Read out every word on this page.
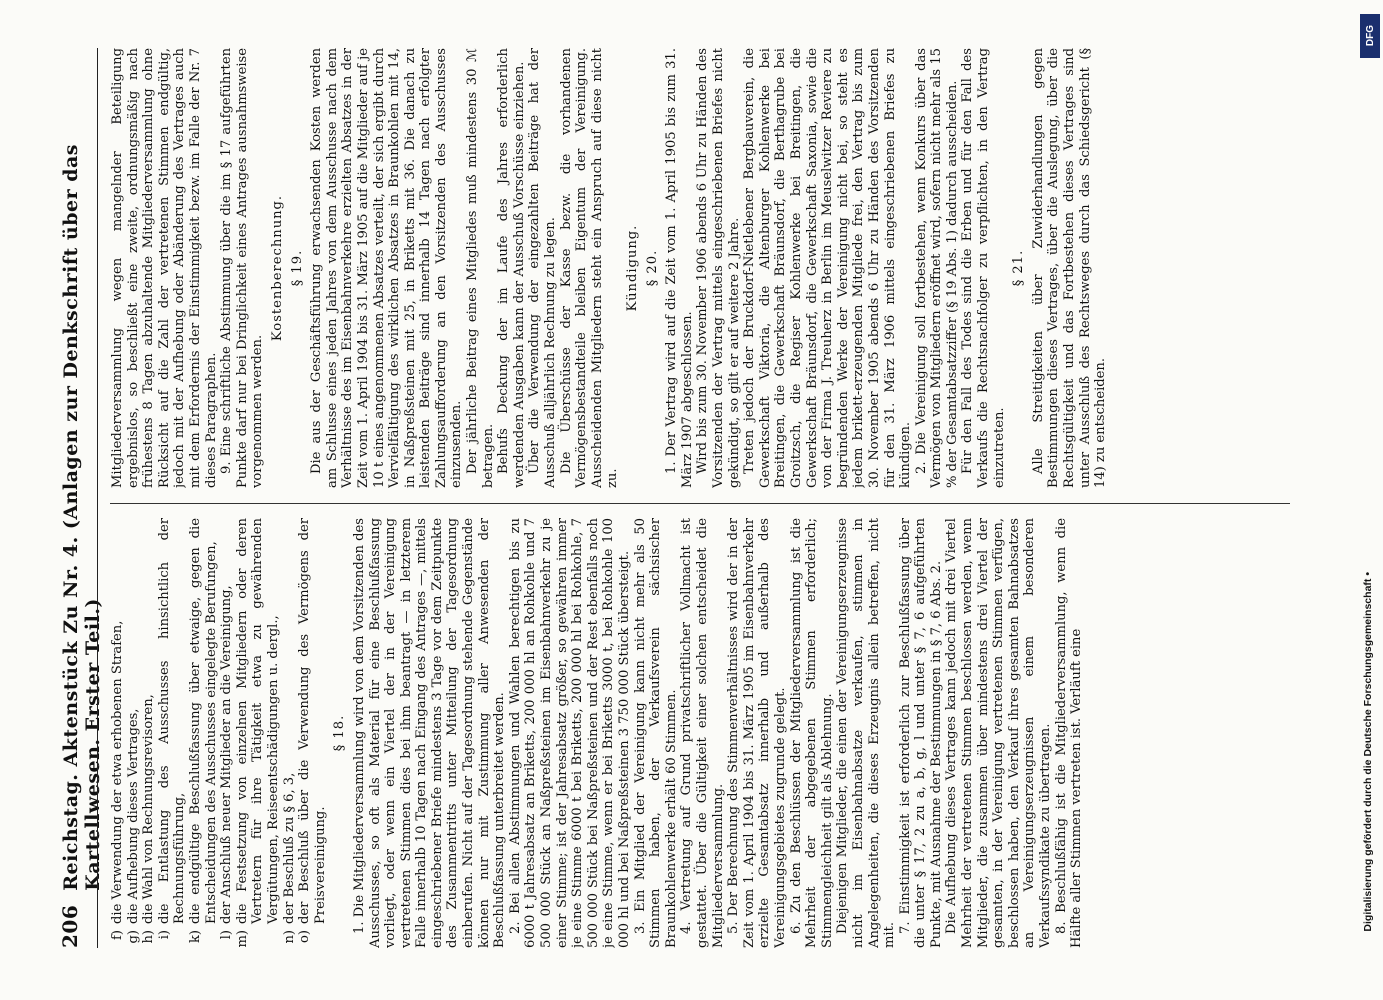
206
Reichstag. Aktenstück Zu Nr. 4. (Anlagen zur Denkschrift über das Kartellwesen. Erster Teil.)
f)
die Verwendung der etwa erhobenen Strafen,
g)
die Aufhebung dieses Vertrages,
h)
die Wahl von Rechnungsrevisoren,
i)
die Entlastung des Ausschusses hinsichtlich der Rechnungsführung,
k)
die endgültige Beschlußfassung über etwaige, gegen die Entscheidungen des Ausschusses eingelegte Berufungen,
l)
der Anschluß neuer Mitglieder an die Vereinigung,
m)
die Festsetzung von einzelnen Mitgliedern oder deren Vertretern für ihre Tätigkeit etwa zu gewährenden Vergütungen, Reiseentschädigungen u. dergl.,
n)
der Beschluß zu § 6, 3,
o)
der Beschluß über die Verwendung des Vermögens der Preisvereinigung.
§ 18. 1. Die Mitgliederversammlung wird von dem Vorsitzenden des Ausschusses, so oft als Material für eine Beschlußfassung vorliegt, oder wenn ein Viertel der in der Vereinigung vertretenen Stimmen dies bei ihm beantragt — in letzterem Falle innerhalb 10 Tagen nach Eingang des Antrages —, mittels eingeschriebener Briefe mindestens 3 Tage vor dem Zeitpunkte des Zusammentritts unter Mitteilung der Tagesordnung einberufen. Nicht auf der Tagesordnung stehende Gegenstände können nur mit Zustimmung aller Anwesenden der Beschlußfassung unterbreitet werden. 2. Bei allen Abstimmungen und Wahlen berechtigen bis zu 6000 t Jahresabsatz an Briketts, 200 000 hl an Rohkohle und 7 500 000 Stück an Naßpreßsteinen im Eisenbahnverkehr zu je einer Stimme; ist der Jahresabsatz größer, so gewähren immer je eine Stimme 6000 t bei Briketts, 200 000 hl bei Rohkohle, 7 500 000 Stück bei Naßpreßsteinen und der Rest ebenfalls noch je eine Stimme, wenn er bei Briketts 3000 t, bei Rohkohle 100 000 hl und bei Naßpreßsteinen 3 750 000 Stück übersteigt. 3. Ein Mitglied der Vereinigung kann nicht mehr als 50 Stimmen haben, der Verkaufsverein sächsischer Braunkohlenwerke erhält 60 Stimmen. 4. Vertretung auf Grund privatschriftlicher Vollmacht ist gestattet. Über die Gültigkeit einer solchen entscheidet die Mitgliederversammlung. 5. Der Berechnung des Stimmenverhältnisses wird der in der Zeit vom 1. April 1904 bis 31. März 1905 im Eisenbahnverkehr erzielte Gesamtabsatz innerhalb und außerhalb des Vereinigungsgebietes zugrunde gelegt. 6. Zu den Beschlüssen der Mitgliederversammlung ist die Mehrheit der abgegebenen Stimmen erforderlich; Stimmengleichheit gilt als Ablehnung. Diejenigen Mitglieder, die einen der Vereinigungserzeugnisse nicht im Eisenbahnabsatze verkaufen, stimmen in Angelegenheiten, die dieses Erzeugnis allein betreffen, nicht mit.

7. Einstimmigkeit ist erforderlich zur Beschlußfassung über die unter § 17, 2 zu a, b, g, l und unter § 7, 6 aufgeführten Punkte, mit Ausnahme der Bestimmungen in § 7, 6 Abs. 2. Die Aufhebung dieses Vertrages kann jedoch mit drei Viertel Mehrheit der vertretenen Stimmen beschlossen werden, wenn Mitglieder, die zusammen über mindestens drei Viertel der gesamten, in der Vereinigung vertretenen Stimmen verfügen, beschlossen haben, den Verkauf ihres gesamten Bahnabsatzes an Vereinigungserzeugnissen einem besonderen Verkaufssyndikate zu übertragen. 8. Beschlußfähig ist die Mitgliederversammlung, wenn die Hälfte aller Stimmen vertreten ist. Verläuft eine

Mitgliederversammlung wegen mangelnder Beteiligung ergebnislos, so beschließt eine zweite, ordnungsmäßig nach frühestens 8 Tagen abzuhaltende Mitgliederversammlung ohne Rücksicht auf die Zahl der vertretenen Stimmen endgültig, jedoch mit der Aufhebung oder Abänderung des Vertrages auch mit dem Erfordernis der Einstimmigkeit bezw. im Falle der Nr. 7 dieses Paragraphen. 9. Eine schriftliche Abstimmung über die im § 17 aufgeführten Punkte darf nur bei Dringlichkeit eines Antrages ausnahmsweise vorgenommen werden.

Kostenberechnung. § 19. Die aus der Geschäftsführung erwachsenden Kosten werden am Schlusse eines jeden Jahres von dem Ausschusse nach dem Verhältnisse des im Eisenbahnverkehre erzielten Absatzes in der Zeit vom 1. April 1904 bis 31. März 1905 auf die Mitglieder auf je 10 t eines angenommenen Absatzes verteilt, der sich ergibt durch Vervielfältigung des wirklichen Absatzes in Braunkohlen mit 14, in Naßpreßsteinen mit 25, in Briketts mit 36. Die danach zu leistenden Beiträge sind innerhalb 14 Tagen nach erfolgter Zahlungsaufforderung an den Vorsitzenden des Ausschusses einzusenden. Der jährliche Beitrag eines Mitgliedes muß mindestens 30 ℳ betragen. Behufs Deckung der im Laufe des Jahres erforderlich werdenden Ausgaben kann der Ausschuß Vorschüsse einziehen. Über die Verwendung der eingezahlten Beiträge hat der Ausschuß alljährlich Rechnung zu legen. Die Überschüsse der Kasse bezw. die vorhandenen Vermögensbestandteile bleiben Eigentum der Vereinigung. Ausscheidenden Mitgliedern steht ein Anspruch auf diese nicht zu.

Kündigung. § 20. 1. Der Vertrag wird auf die Zeit vom 1. April 1905 bis zum 31. März 1907 abgeschlossen. Wird bis zum 30. November 1906 abends 6 Uhr zu Händen des Vorsitzenden der Vertrag mittels eingeschriebenen Briefes nicht gekündigt, so gilt er auf weitere 2 Jahre. Treten jedoch der Bruckdorf-Nietlebener Bergbauverein, die Gewerkschaft Viktoria, die Altenburger Kohlenwerke bei Breitingen, die Gewerkschaft Bräunsdorf, die Berthagrube bei Groitzsch, die Regiser Kohlenwerke bei Breitingen, die Gewerkschaft Bräunsdorf, die Gewerkschaft Saxonia, sowie die von der Firma J. Treuherz in Berlin im Meuselwitzer Reviere zu begründenden Werke der Vereinigung nicht bei, so steht es jedem brikett-erzeugenden Mitgliede frei, den Vertrag bis zum 30. November 1905 abends 6 Uhr zu Händen des Vorsitzenden für den 31. März 1906 mittels eingeschriebenen Briefes zu kündigen. 2. Die Vereinigung soll fortbestehen, wenn Konkurs über das Vermögen von Mitgliedern eröffnet wird, sofern nicht mehr als 15 % der Gesamtabsatzziffer (§ 19 Abs. 1) dadurch ausscheiden. Für den Fall des Todes sind die Erben und für den Fall des Verkaufs die Rechtsnachfolger zu verpflichten, in den Vertrag einzutreten.

§ 21. Alle Streitigkeiten über Zuwiderhandlungen gegen Bestimmungen dieses Vertrages, über die Auslegung, über die Rechtsgültigkeit und das Fortbestehen dieses Vertrages sind unter Ausschluß des Rechtsweges durch das Schiedsgericht (§ 14) zu entscheiden.

DFG
Digitalisierung gefördert durch die Deutsche Forschungsgemeinschaft •
